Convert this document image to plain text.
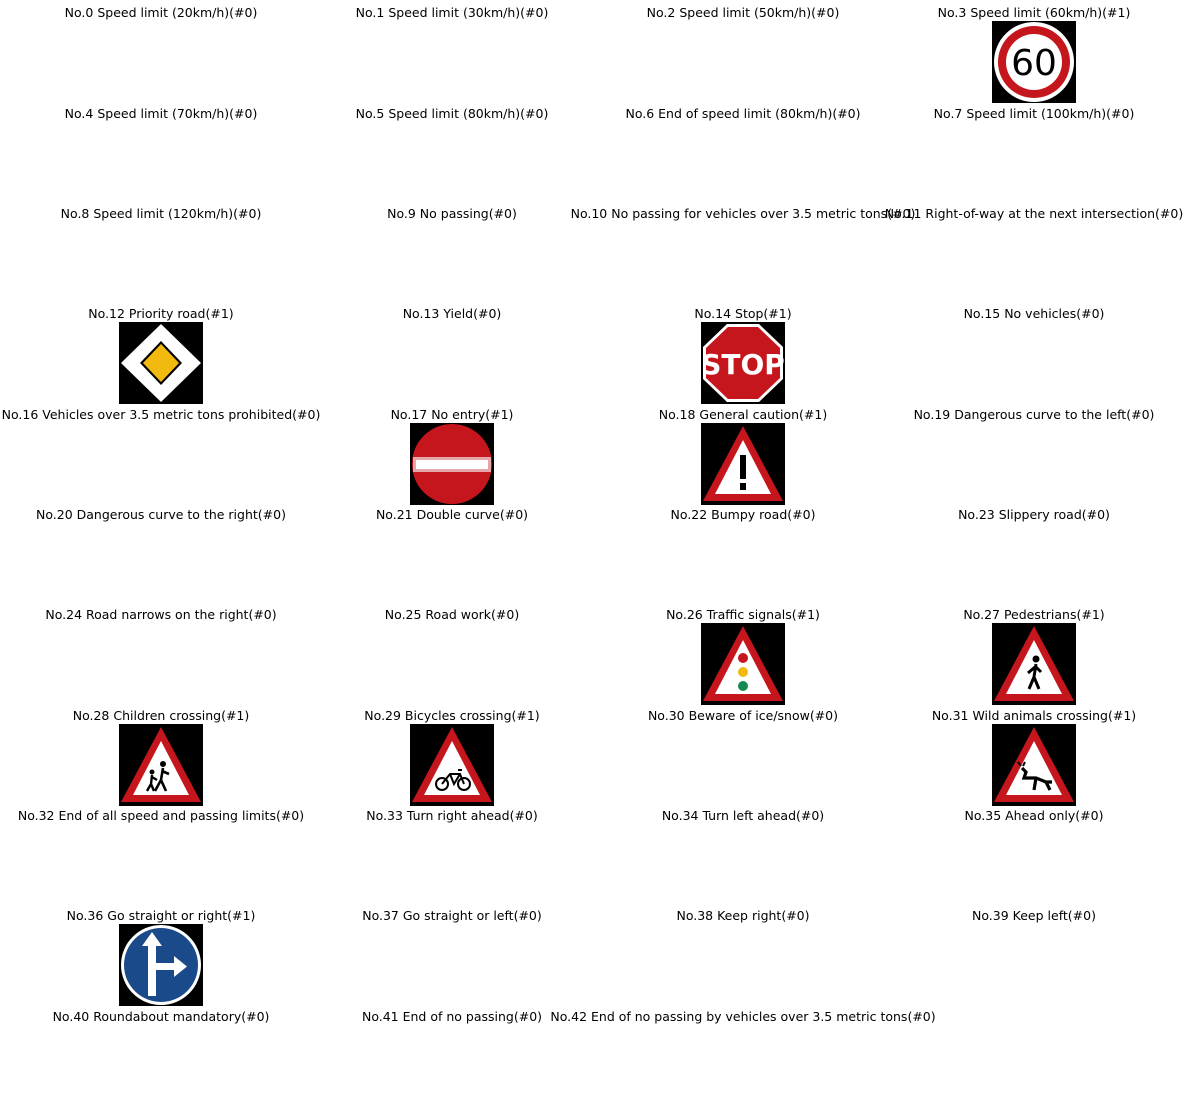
No.0 Speed limit (20km/h)(#0)	No.1 Speed limit (30km/h)(#0)	No.2 Speed limit (50km/h)(#0)	No.3 Speed limit (60km/h)(#1)
60
No.4 Speed limit (70km/h)(#0)	No.5 Speed limit (80km/h)(#0)	No.6 End of speed limit (80km/h)(#0)	No.7 Speed limit (100km/h)(#0)
No.8 Speed limit (120km/h)(#0)	No.9 No passing(#0)	No.10 No passing for vehicles over 3.5 metric tons(#0)
No.11 Right-of-way at the next intersection(#0)
No.12 Priority road(#1)	No.13 Yield(#0)	No.14 Stop(#1)
STOP
No.15 No vehicles(#0)
No.16 Vehicles over 3.5 metric tons prohibited(#0)	No.17 No entry(#1)	No.18 General caution(#1)	No.19 Dangerous curve to the left(#0)
No.20 Dangerous curve to the right(#0)	No.21 Double curve(#0)	No.22 Bumpy road(#0)	No.23 Slippery road(#0)
No.24 Road narrows on the right(#0)	No.25 Road work(#0)	No.26 Traffic signals(#1)	No.27 Pedestrians(#1)
No.28 Children crossing(#1)	No.29 Bicycles crossing(#1)	No.30 Beware of ice/snow(#0)	No.31 Wild animals crossing(#1)
No.32 End of all speed and passing limits(#0)	No.33 Turn right ahead(#0)	No.34 Turn left ahead(#0)	No.35 Ahead only(#0)
No.36 Go straight or right(#1)	No.37 Go straight or left(#0)	No.38 Keep right(#0)	No.39 Keep left(#0)
No.40 Roundabout mandatory(#0)	No.41 End of no passing(#0) No.42 End of no passing by vehicles over 3.5 metric tons(#0)
